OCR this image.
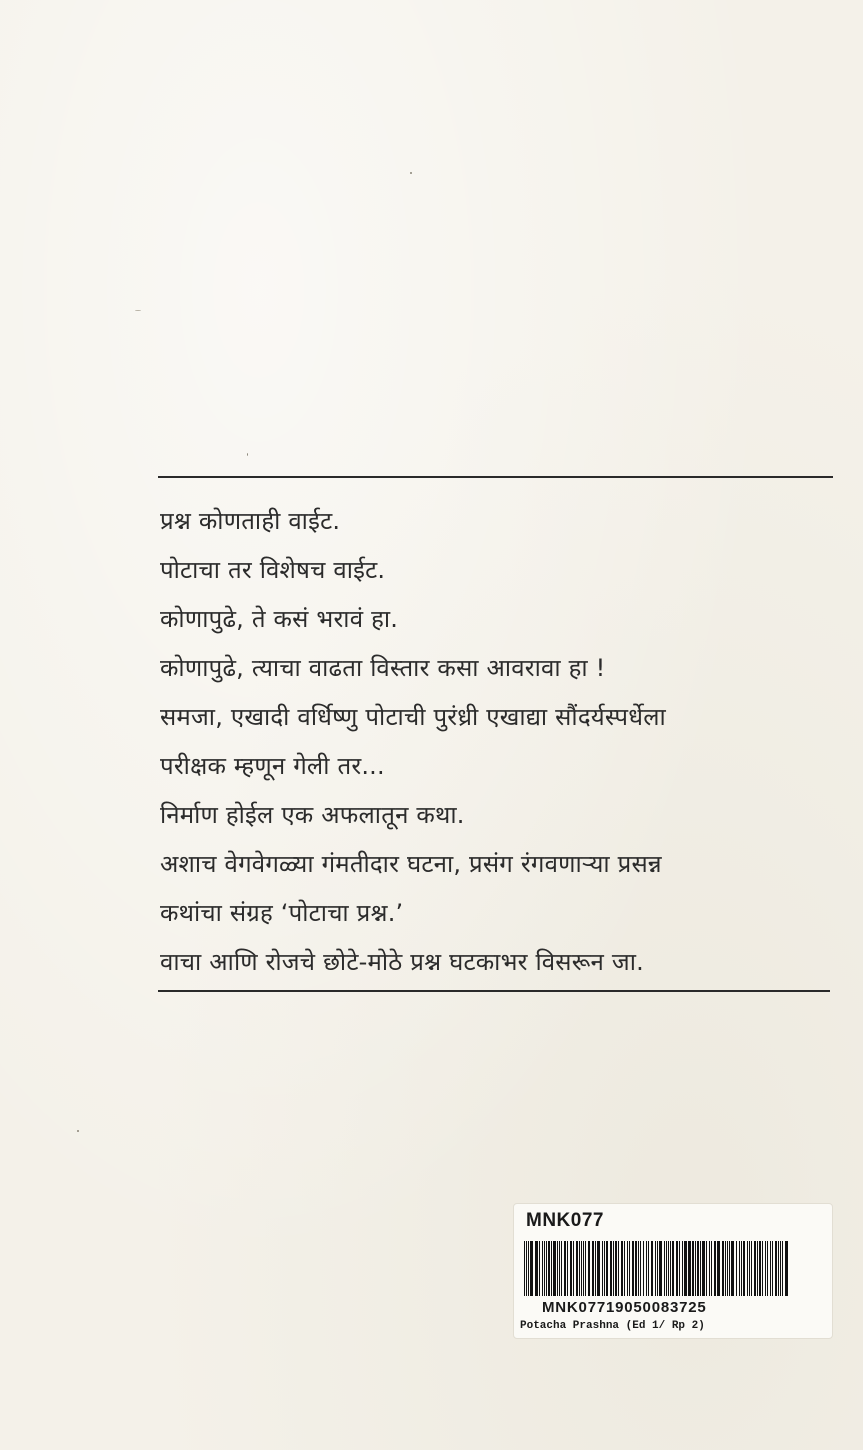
प्रश्न कोणताही वाईट.
पोटाचा तर विशेषच वाईट.
कोणापुढे, ते कसं भरावं हा.
कोणापुढे, त्याचा वाढता विस्तार कसा आवरावा हा !
समजा, एखादी वर्धिष्णु पोटाची पुरंध्री एखाद्या सौंदर्यस्पर्धेला
परीक्षक म्हणून गेली तर...
निर्माण होईल एक अफलातून कथा.
अशाच वेगवेगळ्या गंमतीदार घटना, प्रसंग रंगवणाऱ्या प्रसन्न
कथांचा संग्रह ‘पोटाचा प्रश्न.’
वाचा आणि रोजचे छोटे-मोठे प्रश्न घटकाभर विसरून जा.
MNK077
MNK07719050083725
Potacha Prashna (Ed 1/ Rp 2)
